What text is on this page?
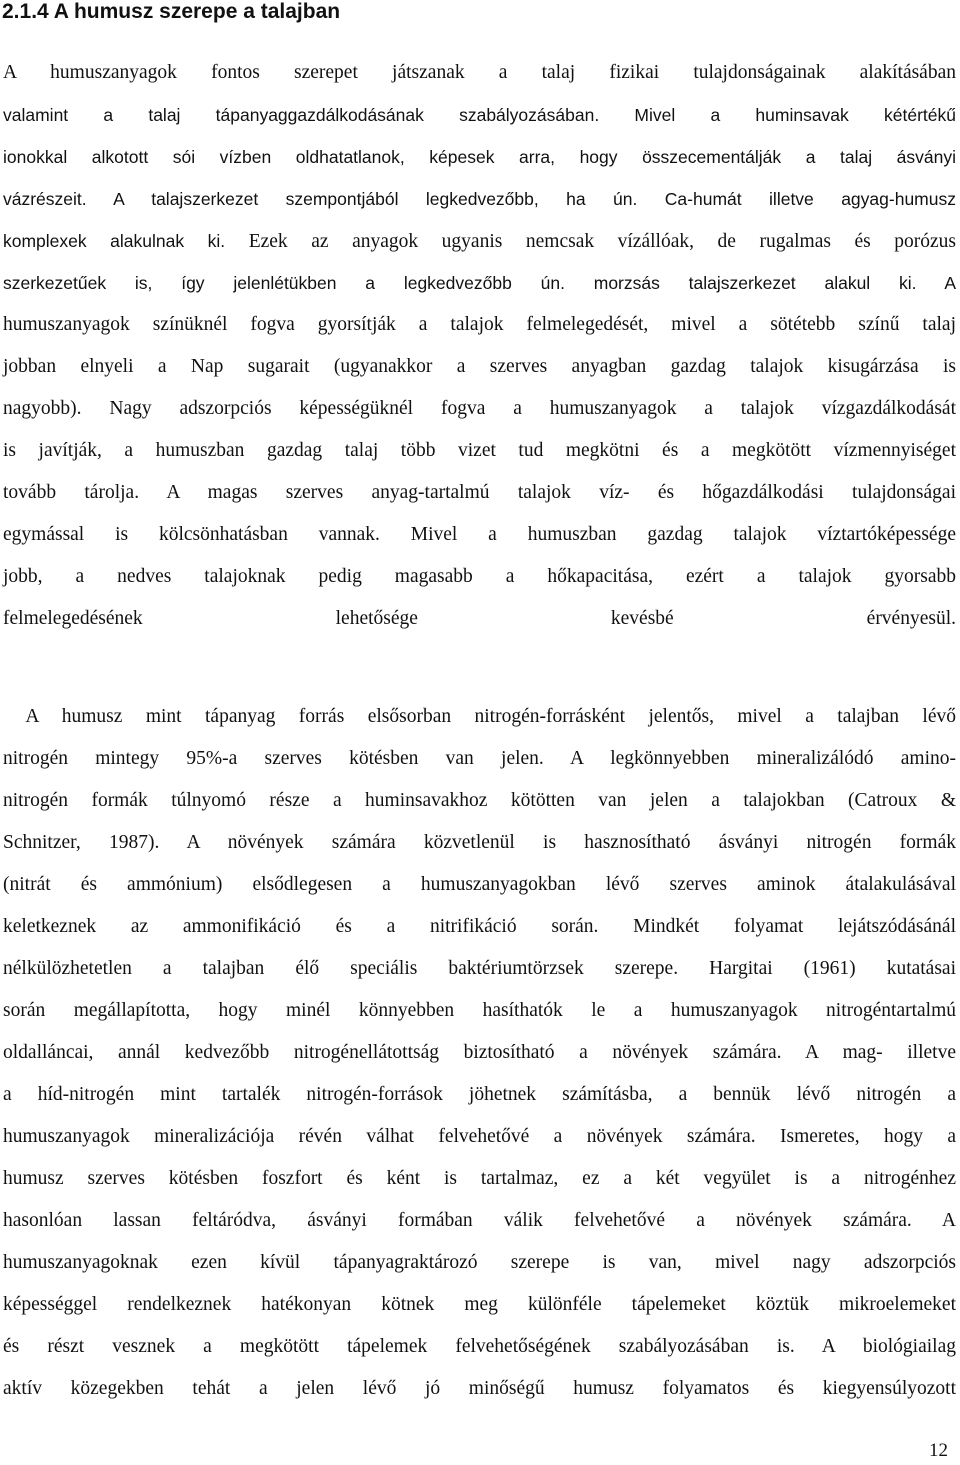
2.1.4 A humusz szerepe a talajban
A humuszanyagok fontos szerepet játszanak a talaj fizikai tulajdonságainak alakításában
valamint a talaj tápanyaggazdálkodásának szabályozásában. Mivel a huminsavak kétértékű
ionokkal alkotott sói vízben oldhatatlanok, képesek arra, hogy összecementálják a talaj ásványi
vázrészeit. A talajszerkezet szempontjából legkedvezőbb, ha ún. Ca-humát illetve agyag-humusz
komplexek alakulnak ki. Ezek az anyagok ugyanis nemcsak vízállóak, de rugalmas és porózus
szerkezetűek is, így jelenlétükben a legkedvezőbb ún. morzsás talajszerkezet alakul ki. A
humuszanyagok színüknél fogva gyorsítják a talajok felmelegedését, mivel a sötétebb színű talaj
jobban elnyeli a Nap sugarait (ugyanakkor a szerves anyagban gazdag talajok kisugárzása is
nagyobb). Nagy adszorpciós képességüknél fogva a humuszanyagok a talajok vízgazdálkodását
is javítják, a humuszban gazdag talaj több vizet tud megkötni és a megkötött vízmennyiséget
tovább tárolja. A magas szerves anyag-tartalmú talajok víz- és hőgazdálkodási tulajdonságai
egymással is kölcsönhatásban vannak. Mivel a humuszban gazdag talajok víztartóképessége
jobb, a nedves talajoknak pedig magasabb a hőkapacitása, ezért a talajok gyorsabb
felmelegedésének lehetősége kevésbé érvényesül.
A humusz mint tápanyag forrás elsősorban nitrogén-forrásként jelentős, mivel a talajban lévő
nitrogén mintegy 95%-a szerves kötésben van jelen. A legkönnyebben mineralizálódó amino-
nitrogén formák túlnyomó része a huminsavakhoz kötötten van jelen a talajokban (Catroux &
Schnitzer, 1987). A növények számára közvetlenül is hasznosítható ásványi nitrogén formák
(nitrát és ammónium) elsődlegesen a humuszanyagokban lévő szerves aminok átalakulásával
keletkeznek az ammonifikáció és a nitrifikáció során. Mindkét folyamat lejátszódásánál
nélkülözhetetlen a talajban élő speciális baktériumtörzsek szerepe. Hargitai (1961) kutatásai
során megállapította, hogy minél könnyebben hasíthatók le a humuszanyagok nitrogéntartalmú
oldalláncai, annál kedvezőbb nitrogénellátottság biztosítható a növények számára. A mag- illetve
a híd-nitrogén mint tartalék nitrogén-források jöhetnek számításba, a bennük lévő nitrogén a
humuszanyagok mineralizációja révén válhat felvehetővé a növények számára. Ismeretes, hogy a
humusz szerves kötésben foszfort és ként is tartalmaz, ez a két vegyület is a nitrogénhez
hasonlóan lassan feltáródva, ásványi formában válik felvehetővé a növények számára. A
humuszanyagoknak ezen kívül tápanyagraktározó szerepe is van, mivel nagy adszorpciós
képességgel rendelkeznek hatékonyan kötnek meg különféle tápelemeket köztük mikroelemeket
és részt vesznek a megkötött tápelemek felvehetőségének szabályozásában is. A biológiailag
aktív közegekben tehát a jelen lévő jó minőségű humusz folyamatos és kiegyensúlyozott
12
